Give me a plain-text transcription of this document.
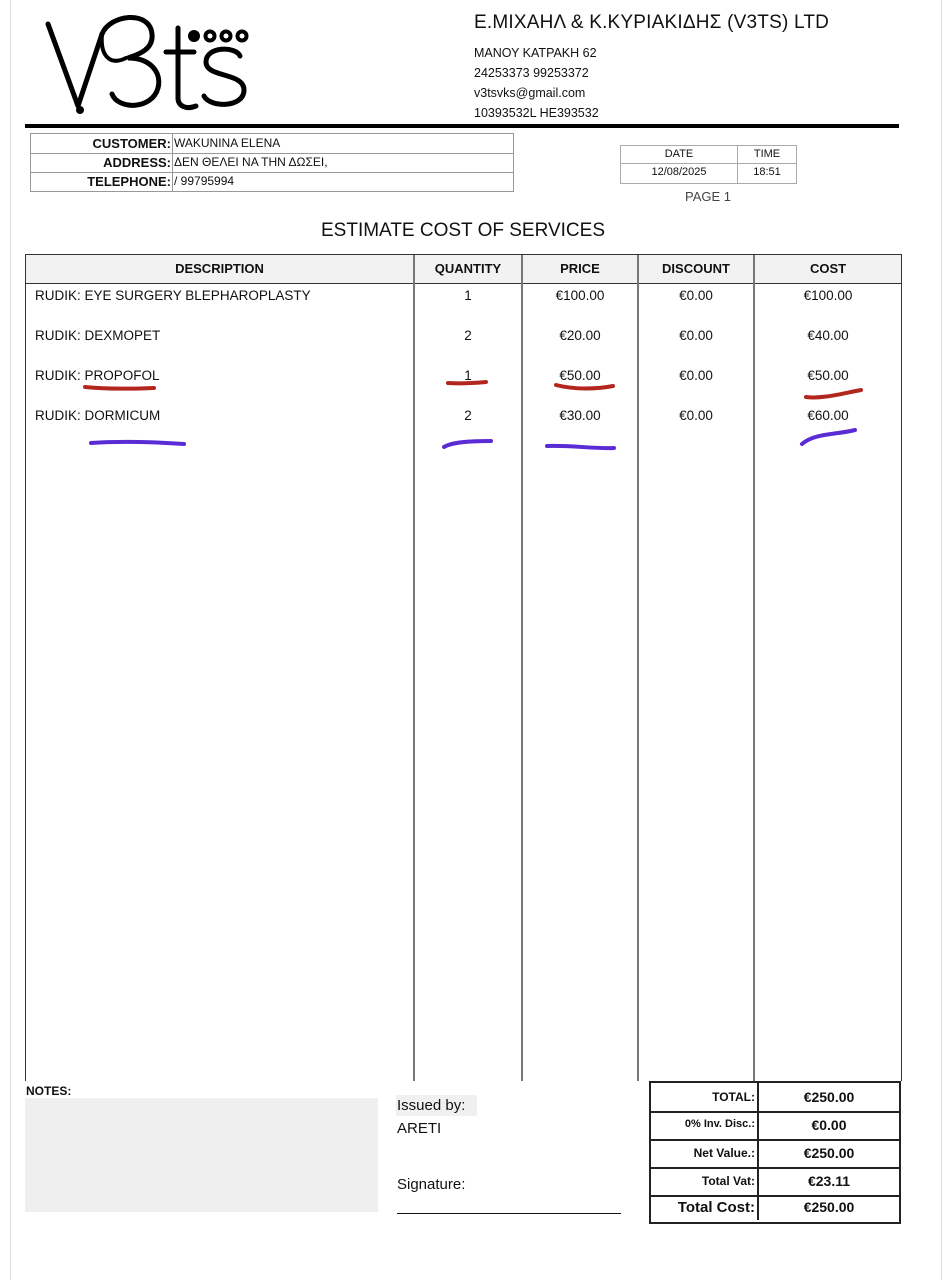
Ε.ΜΙΧΑΗΛ & Κ.ΚΥΡΙΑΚΙΔΗΣ (V3TS) LTD
ΜΑΝΟΥ ΚΑΤΡΑΚΗ 62
24253373 99253372
v3tsvks@gmail.com
10393532L HE393532
CUSTOMER: WAKUNINA ELENA
ADDRESS: ΔΕΝ ΘΕΛΕΙ ΝΑ ΤΗΝ ΔΩΣΕΙ,
TELEPHONE: / 99795994
DATE	TIME
12/08/2025	18:51
PAGE 1
ESTIMATE COST OF SERVICES
DESCRIPTION	QUANTITY	PRICE	DISCOUNT	COST
RUDIK: EYE SURGERY BLEPHAROPLASTY	1	€100.00	€0.00	€100.00
RUDIK: DEXMOPET	2	€20.00	€0.00	€40.00
RUDIK: PROPOFOL	1	€50.00	€0.00	€50.00
RUDIK: DORMICUM	2	€30.00	€0.00	€60.00
NOTES:
Issued by:
ARETI
Signature:
TOTAL:	€250.00
0% Inv. Disc.:	€0.00
Net Value.:	€250.00
Total Vat:	€23.11
Total Cost:	€250.00
